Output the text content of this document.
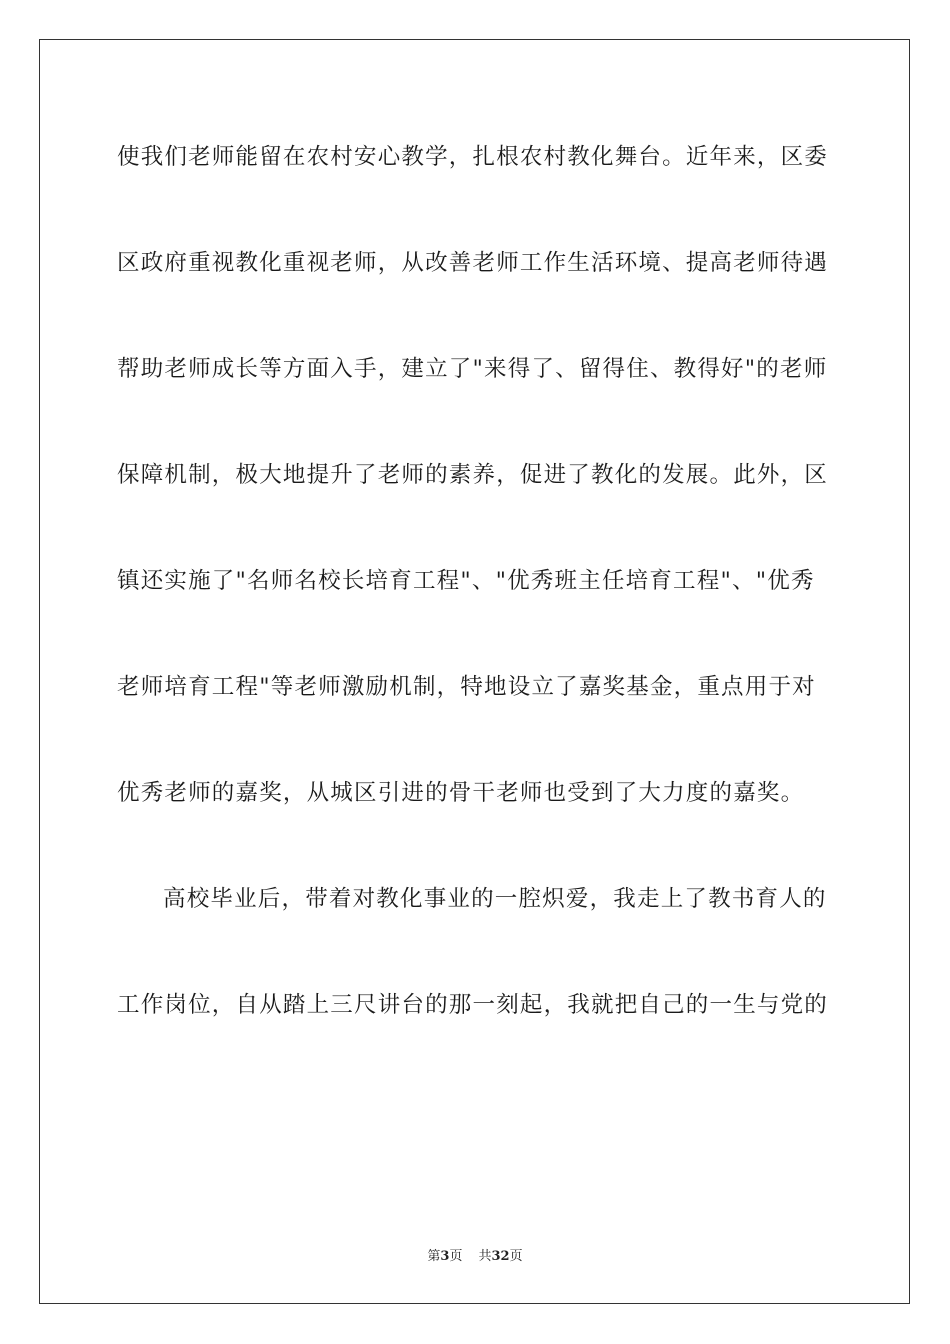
使我们老师能留在农村安心教学，扎根农村教化舞台。近年来，区委
区政府重视教化重视老师，从改善老师工作生活环境、提高老师待遇
帮助老师成长等方面入手，建立了"来得了、留得住、教得好"的老师
保障机制，极大地提升了老师的素养，促进了教化的发展。此外，区
镇还实施了"名师名校长培育工程"、"优秀班主任培育工程"、"优秀
老师培育工程"等老师激励机制，特地设立了嘉奖基金，重点用于对
优秀老师的嘉奖，从城区引进的骨干老师也受到了大力度的嘉奖。
高校毕业后，带着对教化事业的一腔炽爱，我走上了教书育人的
工作岗位，自从踏上三尺讲台的那一刻起，我就把自己的一生与党的
第3页 共32页
